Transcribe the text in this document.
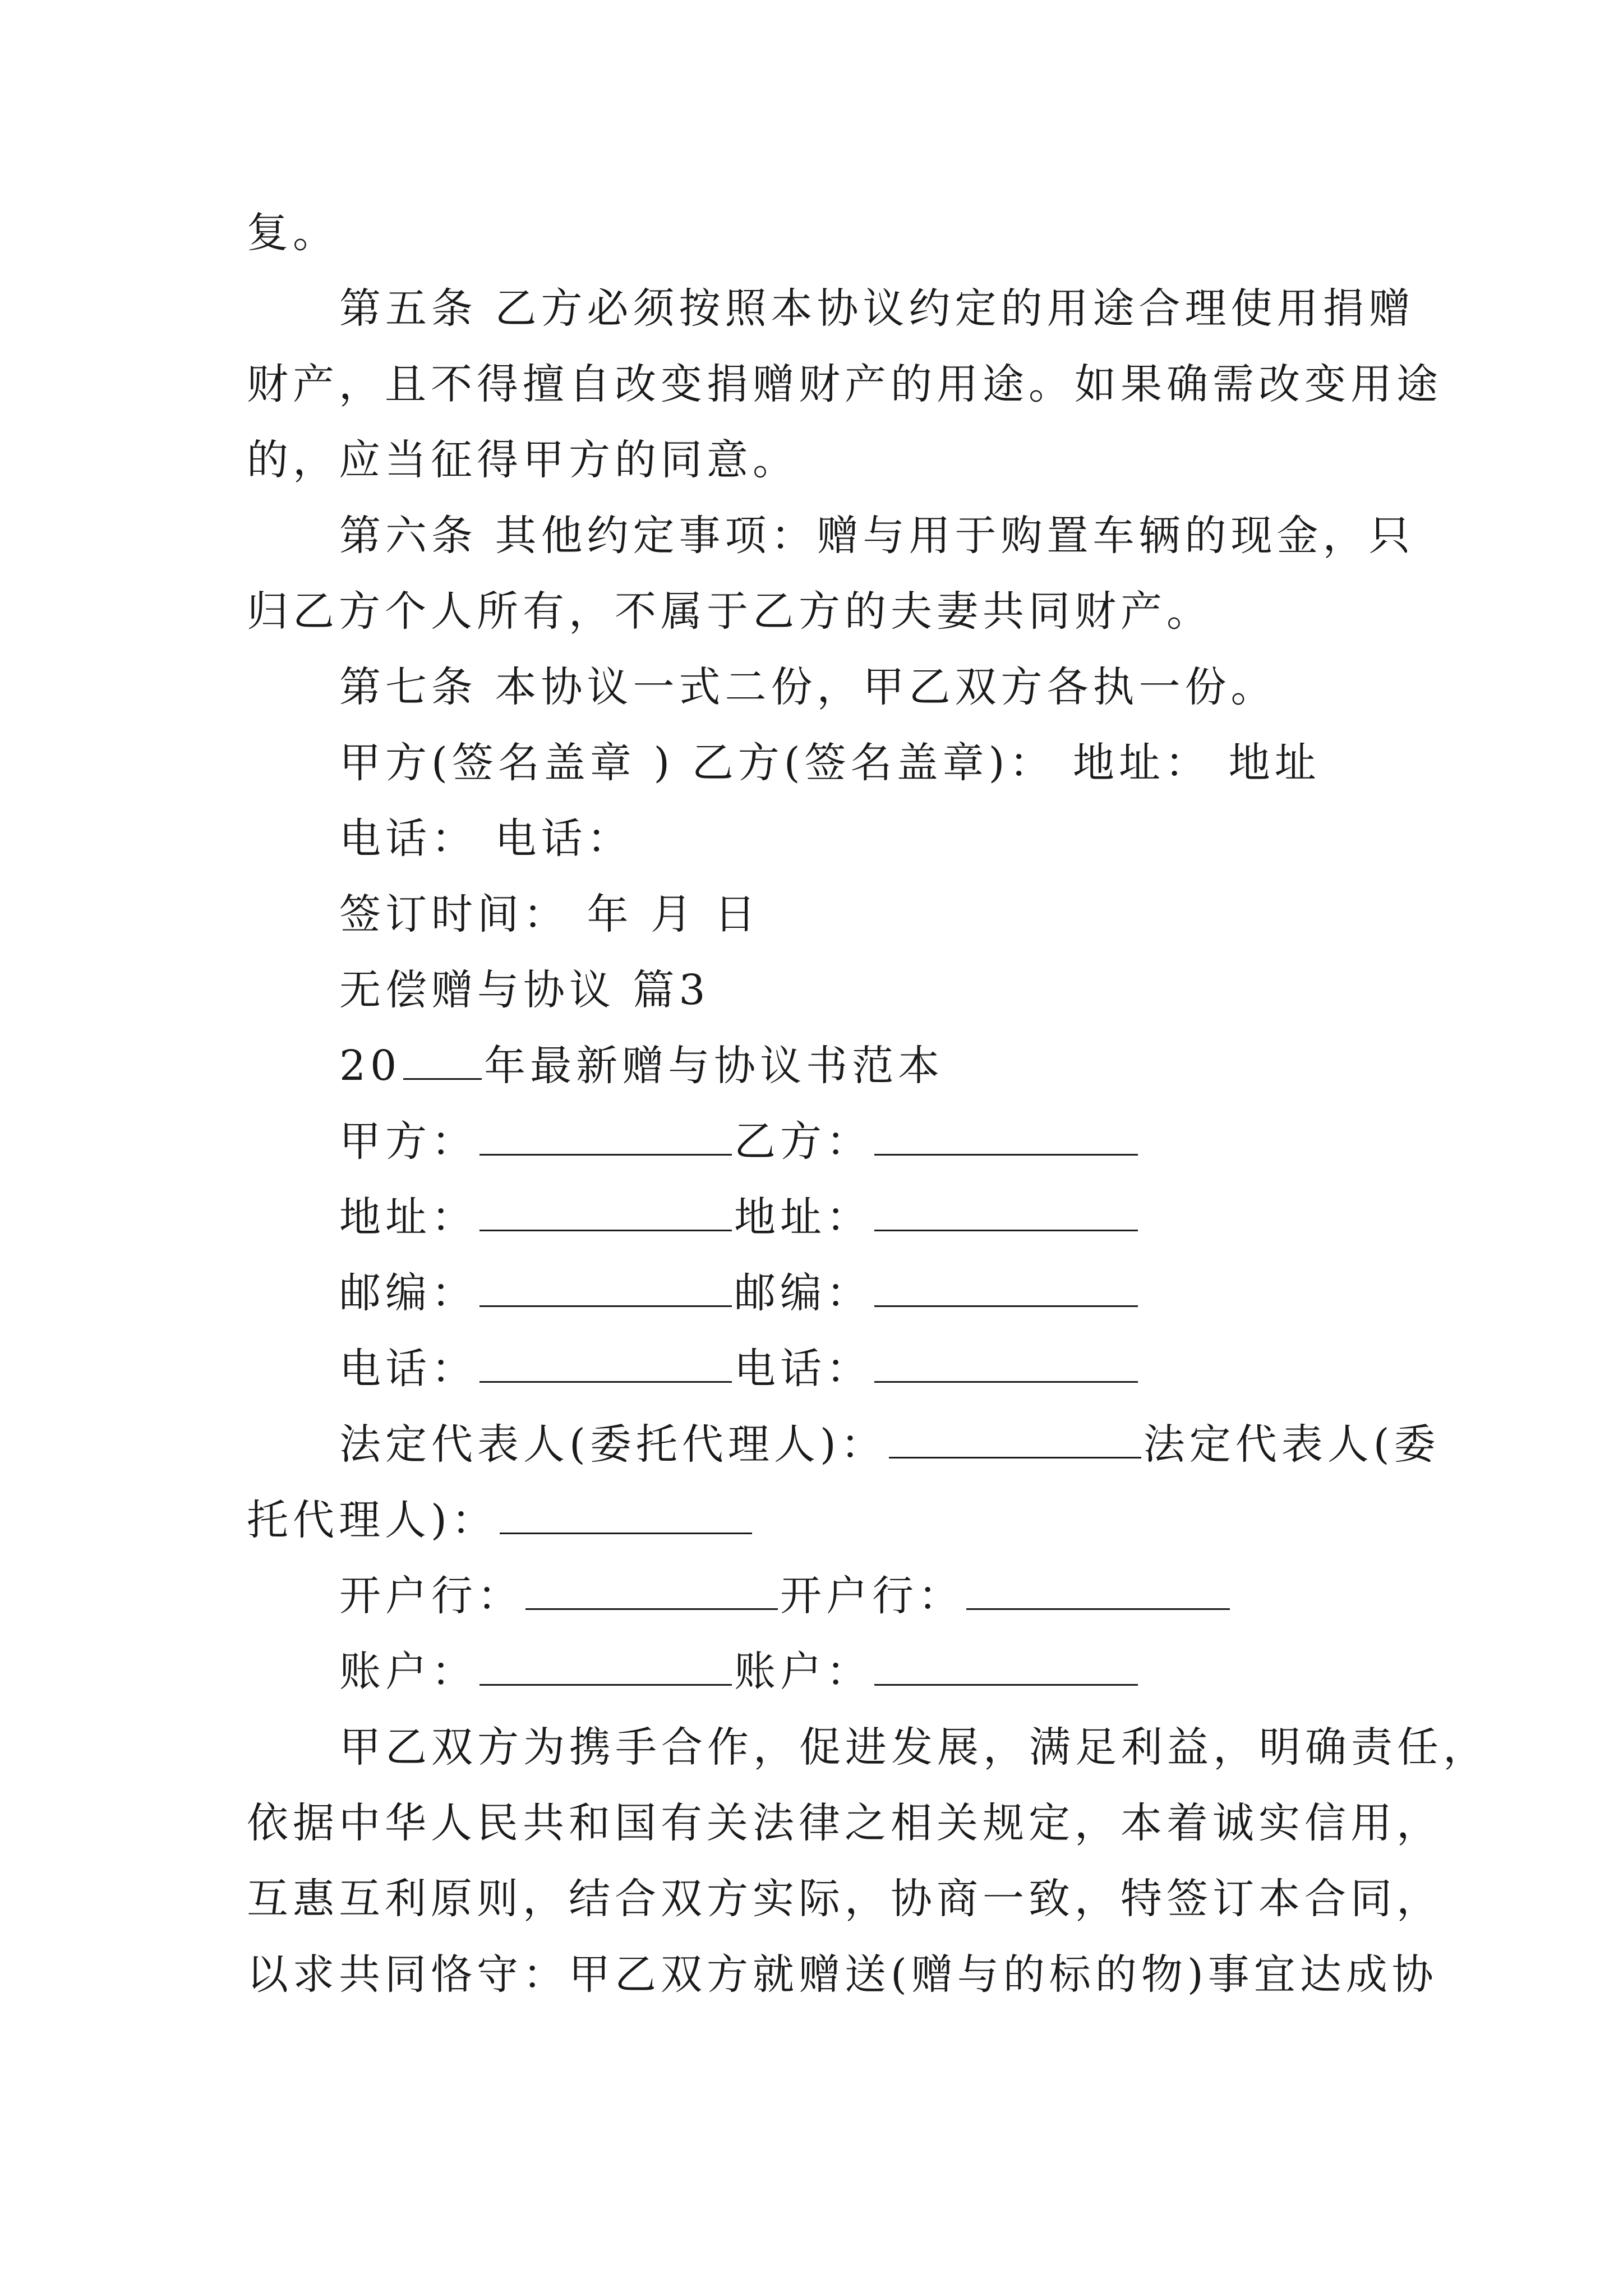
复。
第五条 乙方必须按照本协议约定的用途合理使用捐赠
财产，且不得擅自改变捐赠财产的用途。如果确需改变用途
的，应当征得甲方的同意。
第六条 其他约定事项：赠与用于购置车辆的现金，只
归乙方个人所有，不属于乙方的夫妻共同财产。
第七条 本协议一式二份，甲乙双方各执一份。
甲方(签名盖章 ) 乙方(签名盖章)： 地址： 地址
电话： 电话：
签订时间： 年 月 日
无偿赠与协议 篇3
20 年最新赠与协议书范本
甲方：	乙方：
地址：	地址：
邮编：	邮编：
电话：	电话：
法定代表人(委托代理人)：	法定代表人(委
托代理人)：
开户行：	开户行：
账户：	账户：
甲乙双方为携手合作，促进发展，满足利益，明确责任，
依据中华人民共和国有关法律之相关规定，本着诚实信用，
互惠互利原则，结合双方实际，协商一致，特签订本合同，
以求共同恪守：甲乙双方就赠送(赠与的标的物)事宜达成协
